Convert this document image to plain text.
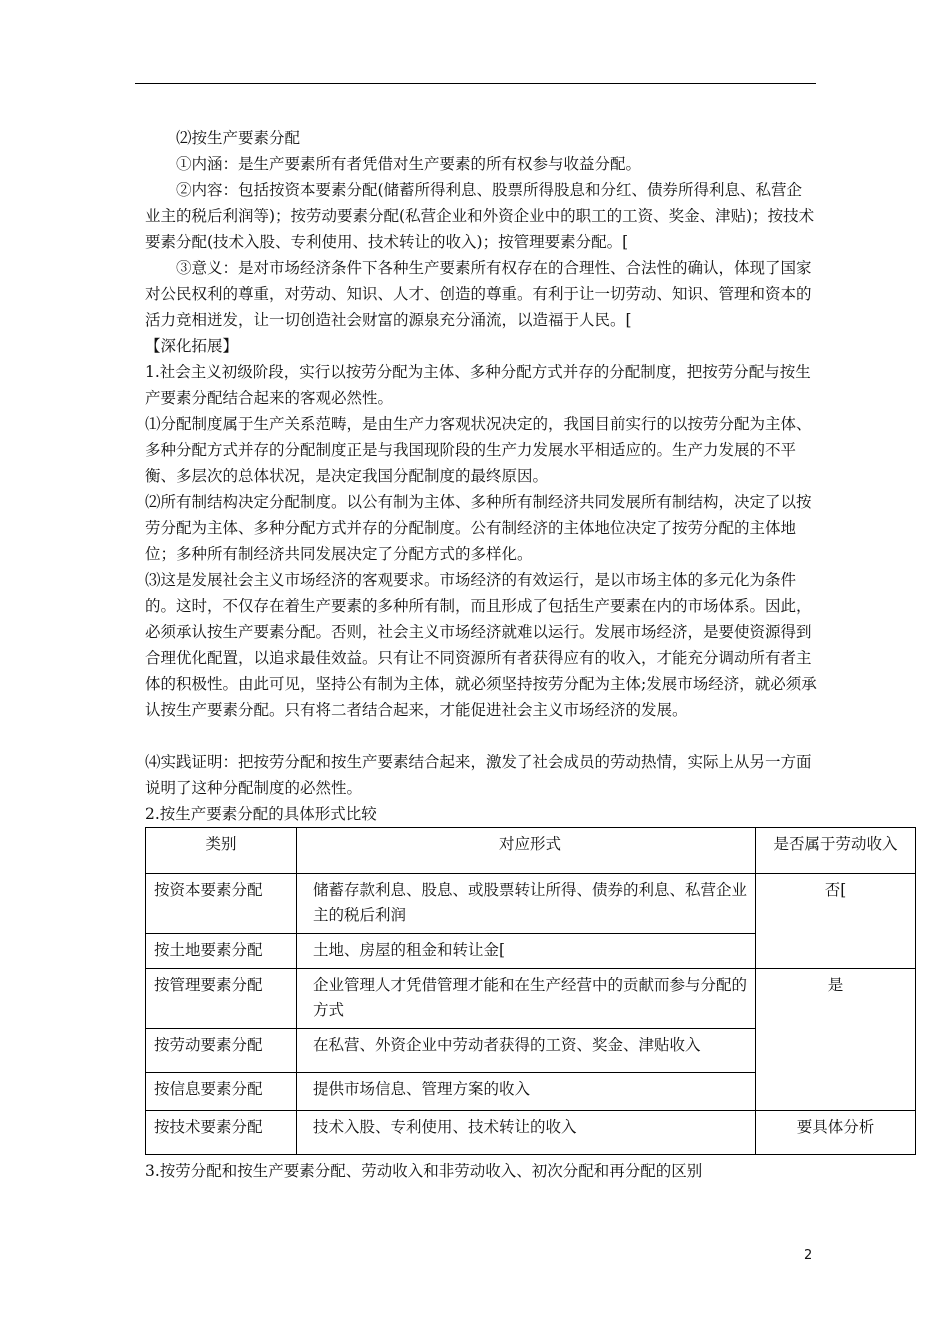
⑵按生产要素分配

①内涵：是生产要素所有者凭借对生产要素的所有权参与收益分配。

②内容：包括按资本要素分配(储蓄所得利息、股票所得股息和分红、债券所得利息、私营企业主的税后利润等)；按劳动要素分配(私营企业和外资企业中的职工的工资、奖金、津贴)；按技术要素分配(技术入股、专利使用、技术转让的收入)；按管理要素分配。[

③意义：是对市场经济条件下各种生产要素所有权存在的合理性、合法性的确认，体现了国家对公民权利的尊重，对劳动、知识、人才、创造的尊重。有利于让一切劳动、知识、管理和资本的活力竞相迸发，让一切创造社会财富的源泉充分涌流，以造福于人民。[

【深化拓展】

1.社会主义初级阶段，实行以按劳分配为主体、多种分配方式并存的分配制度，把按劳分配与按生产要素分配结合起来的客观必然性。

⑴分配制度属于生产关系范畴，是由生产力客观状况决定的，我国目前实行的以按劳分配为主体、多种分配方式并存的分配制度正是与我国现阶段的生产力发展水平相适应的。生产力发展的不平衡、多层次的总体状况，是决定我国分配制度的最终原因。

⑵所有制结构决定分配制度。以公有制为主体、多种所有制经济共同发展所有制结构，决定了以按劳分配为主体、多种分配方式并存的分配制度。公有制经济的主体地位决定了按劳分配的主体地位；多种所有制经济共同发展决定了分配方式的多样化。

⑶这是发展社会主义市场经济的客观要求。市场经济的有效运行，是以市场主体的多元化为条件的。这时，不仅存在着生产要素的多种所有制，而且形成了包括生产要素在内的市场体系。因此，必须承认按生产要素分配。否则，社会主义市场经济就难以运行。发展市场经济，是要使资源得到合理优化配置，以追求最佳效益。只有让不同资源所有者获得应有的收入，才能充分调动所有者主体的积极性。由此可见，坚持公有制为主体，就必须坚持按劳分配为主体;发展市场经济，就必须承认按生产要素分配。只有将二者结合起来，才能促进社会主义市场经济的发展。

⑷实践证明：把按劳分配和按生产要素结合起来，激发了社会成员的劳动热情，实际上从另一方面说明了这种分配制度的必然性。

2.按生产要素分配的具体形式比较

类别	对应形式	是否属于劳动收入
按资本要素分配	储蓄存款利息、股息、或股票转让所得、债券的利息、私营企业主的税后利润	否[
按土地要素分配	土地、房屋的租金和转让金[	
按管理要素分配	企业管理人才凭借管理才能和在生产经营中的贡献而参与分配的方式	是
按劳动要素分配	在私营、外资企业中劳动者获得的工资、奖金、津贴收入	
按信息要素分配	提供市场信息、管理方案的收入	
按技术要素分配	技术入股、专利使用、技术转让的收入	要具体分析

3.按劳分配和按生产要素分配、劳动收入和非劳动收入、初次分配和再分配的区别

2
